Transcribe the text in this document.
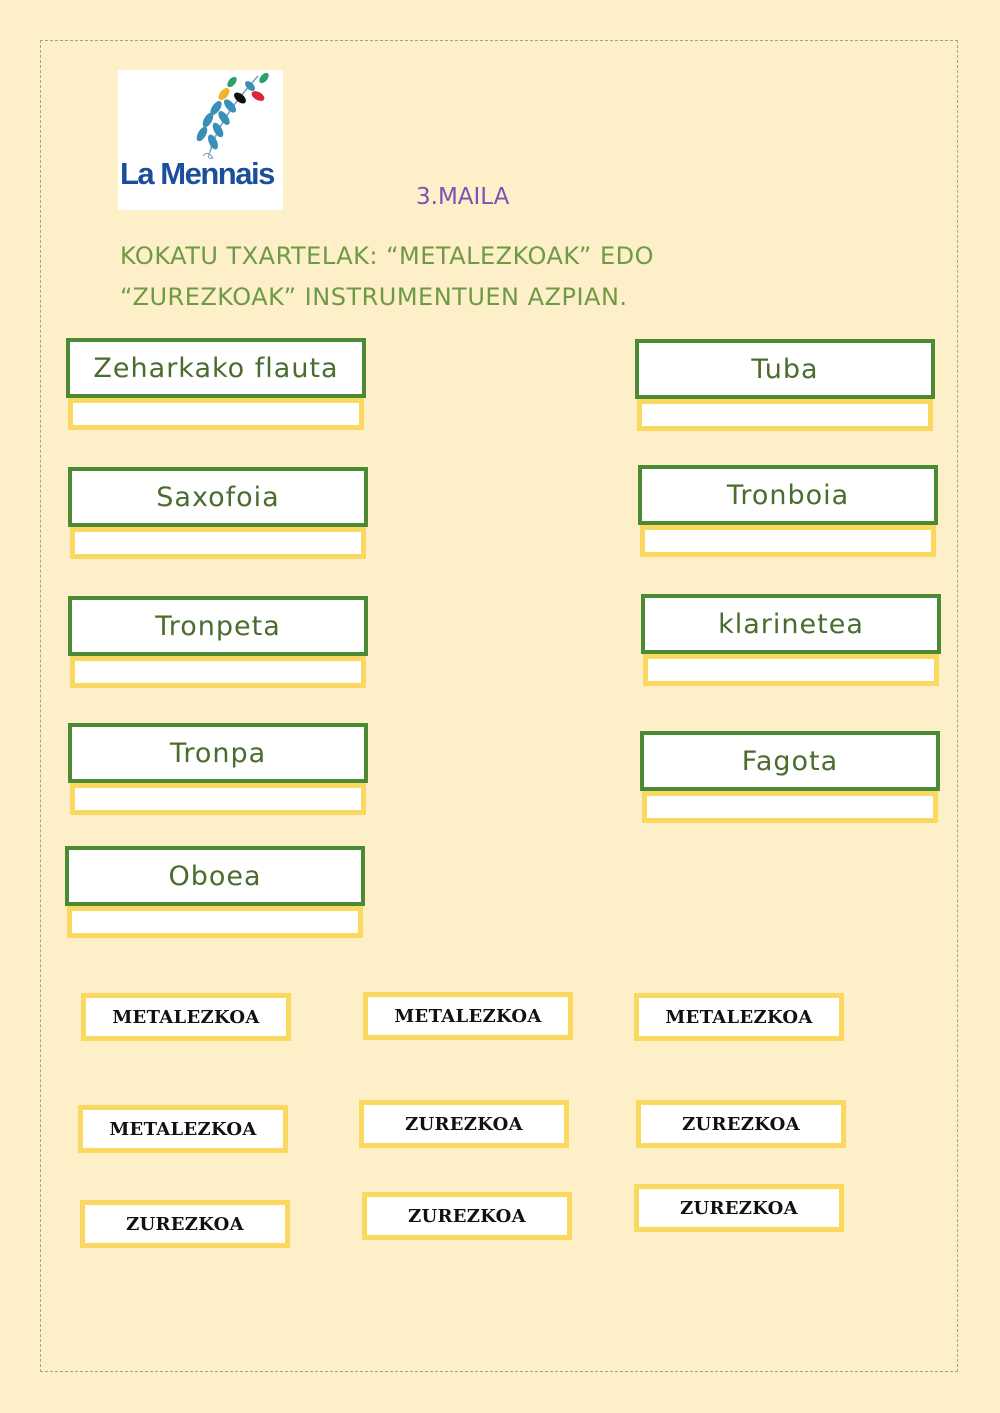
La Mennais
3.MAILA
KOKATU TXARTELAK: “METALEZKOAK” EDO
“ZUREZKOAK” INSTRUMENTUEN AZPIAN.
Zeharkako flauta	Tuba
Saxofoia	Tronboia
Tronpeta	klarinetea
Tronpa	Fagota
Oboea
METALEZKOA	METALEZKOA	METALEZKOA
METALEZKOA	ZUREZKOA	ZUREZKOA
ZUREZKOA	ZUREZKOA	ZUREZKOA
